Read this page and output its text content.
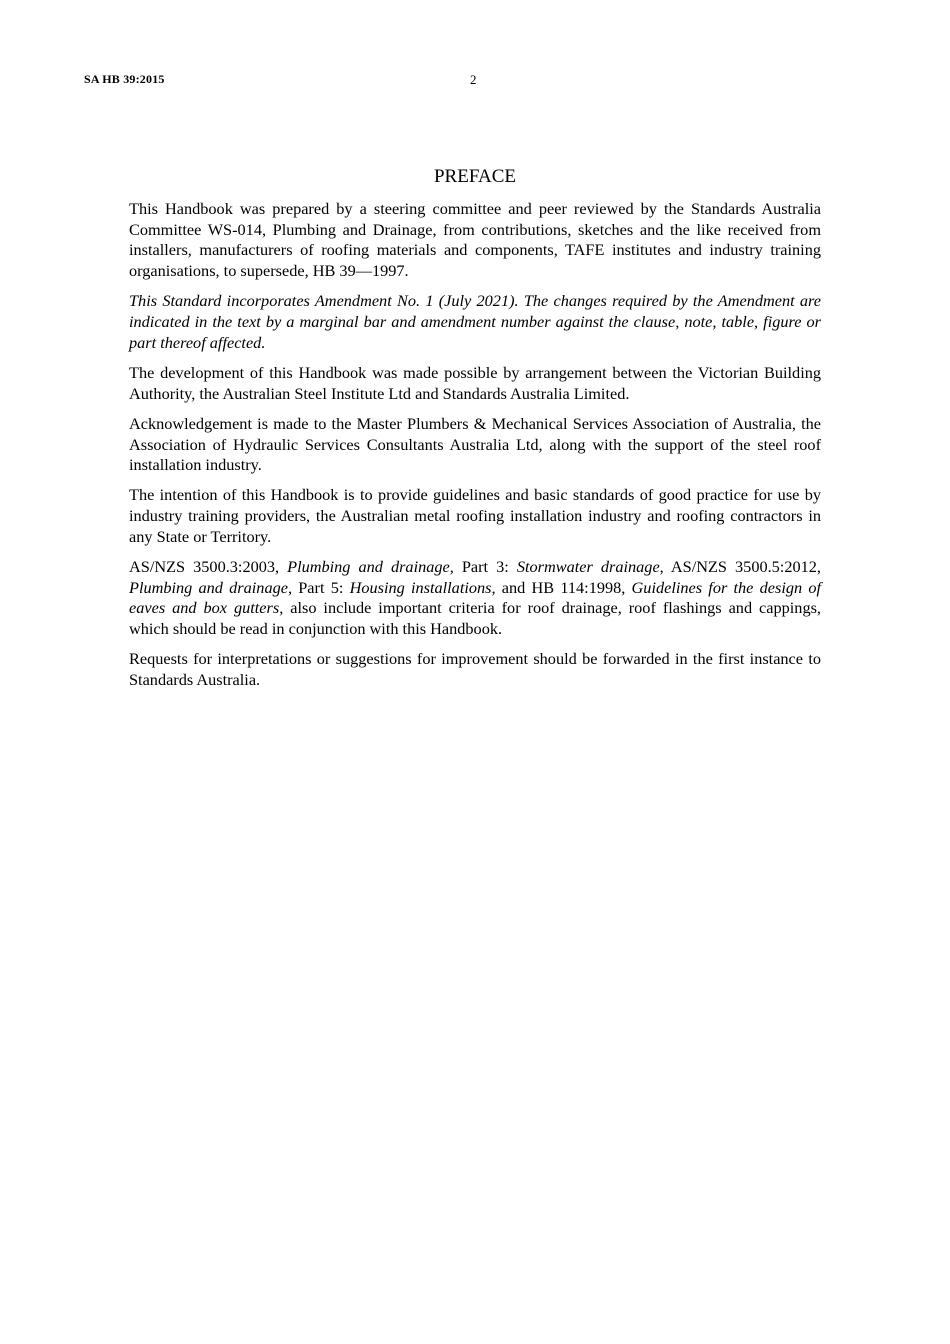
SA HB 39:2015	2
PREFACE

This Handbook was prepared by a steering committee and peer reviewed by the Standards Australia Committee WS-014, Plumbing and Drainage, from contributions, sketches and the like received from installers, manufacturers of roofing materials and components, TAFE institutes and industry training organisations, to supersede, HB 39—1997.

This Standard incorporates Amendment No. 1 (July 2021). The changes required by the Amendment are indicated in the text by a marginal bar and amendment number against the clause, note, table, figure or part thereof affected.

The development of this Handbook was made possible by arrangement between the Victorian Building Authority, the Australian Steel Institute Ltd and Standards Australia Limited.

Acknowledgement is made to the Master Plumbers & Mechanical Services Association of Australia, the Association of Hydraulic Services Consultants Australia Ltd, along with the support of the steel roof installation industry.

The intention of this Handbook is to provide guidelines and basic standards of good practice for use by industry training providers, the Australian metal roofing installation industry and roofing contractors in any State or Territory.

AS/NZS 3500.3:2003, Plumbing and drainage, Part 3: Stormwater drainage, AS/NZS 3500.5:2012, Plumbing and drainage, Part 5: Housing installations, and HB 114:1998, Guidelines for the design of eaves and box gutters, also include important criteria for roof drainage, roof flashings and cappings, which should be read in conjunction with this Handbook.

Requests for interpretations or suggestions for improvement should be forwarded in the first instance to Standards Australia.
